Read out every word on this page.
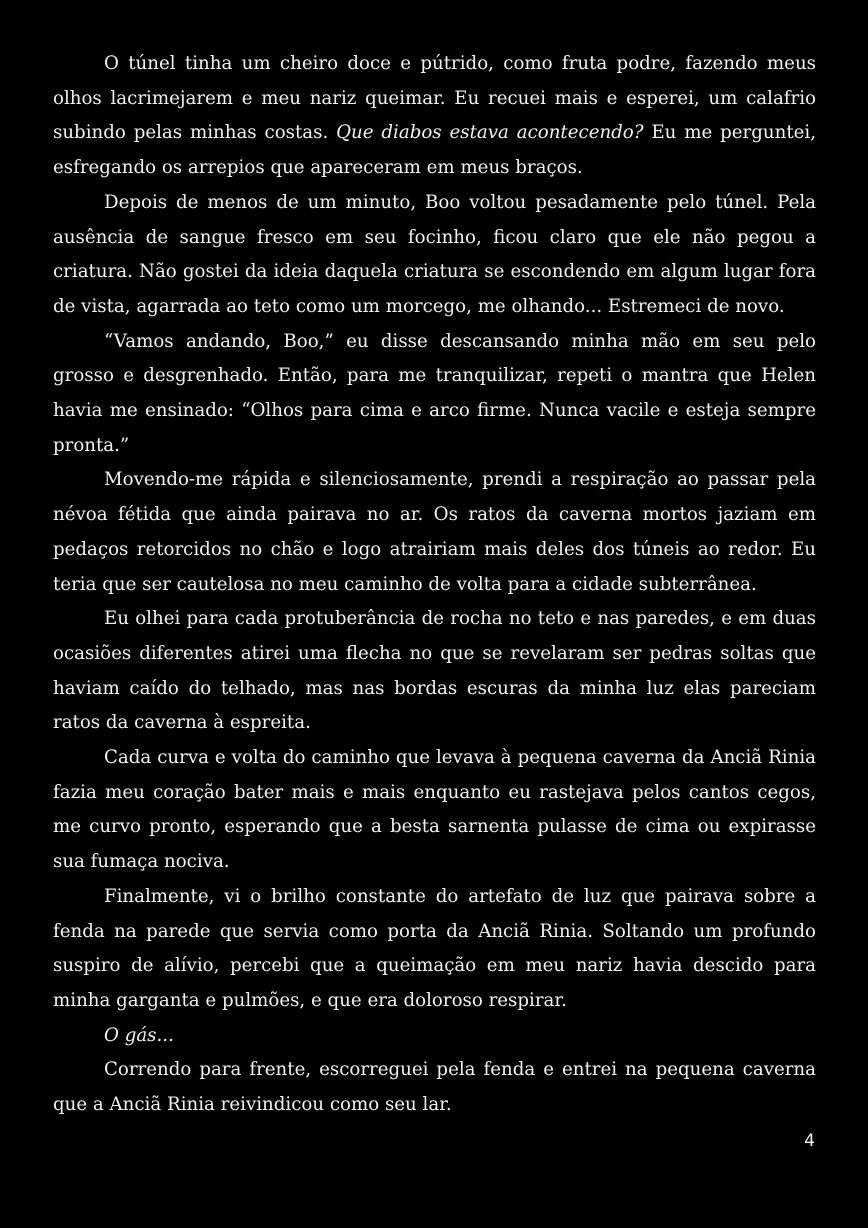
O túnel tinha um cheiro doce e pútrido, como fruta podre, fazendo meus olhos lacrimejarem e meu nariz queimar. Eu recuei mais e esperei, um calafrio subindo pelas minhas costas. Que diabos estava acontecendo? Eu me perguntei, esfregando os arrepios que apareceram em meus braços.

Depois de menos de um minuto, Boo voltou pesadamente pelo túnel. Pela ausência de sangue fresco em seu focinho, ficou claro que ele não pegou a criatura. Não gostei da ideia daquela criatura se escondendo em algum lugar fora de vista, agarrada ao teto como um morcego, me olhando... Estremeci de novo.

“Vamos andando, Boo,” eu disse descansando minha mão em seu pelo grosso e desgrenhado. Então, para me tranquilizar, repeti o mantra que Helen havia me ensinado: “Olhos para cima e arco firme. Nunca vacile e esteja sempre pronta.”

Movendo-me rápida e silenciosamente, prendi a respiração ao passar pela névoa fétida que ainda pairava no ar. Os ratos da caverna mortos jaziam em pedaços retorcidos no chão e logo atrairiam mais deles dos túneis ao redor. Eu teria que ser cautelosa no meu caminho de volta para a cidade subterrânea.

Eu olhei para cada protuberância de rocha no teto e nas paredes, e em duas ocasiões diferentes atirei uma flecha no que se revelaram ser pedras soltas que haviam caído do telhado, mas nas bordas escuras da minha luz elas pareciam ratos da caverna à espreita.

Cada curva e volta do caminho que levava à pequena caverna da Anciã Rinia fazia meu coração bater mais e mais enquanto eu rastejava pelos cantos cegos, me curvo pronto, esperando que a besta sarnenta pulasse de cima ou expirasse sua fumaça nociva.

Finalmente, vi o brilho constante do artefato de luz que pairava sobre a fenda na parede que servia como porta da Anciã Rinia. Soltando um profundo suspiro de alívio, percebi que a queimação em meu nariz havia descido para minha garganta e pulmões, e que era doloroso respirar.

O gás...

Correndo para frente, escorreguei pela fenda e entrei na pequena caverna que a Anciã Rinia reivindicou como seu lar.

4
